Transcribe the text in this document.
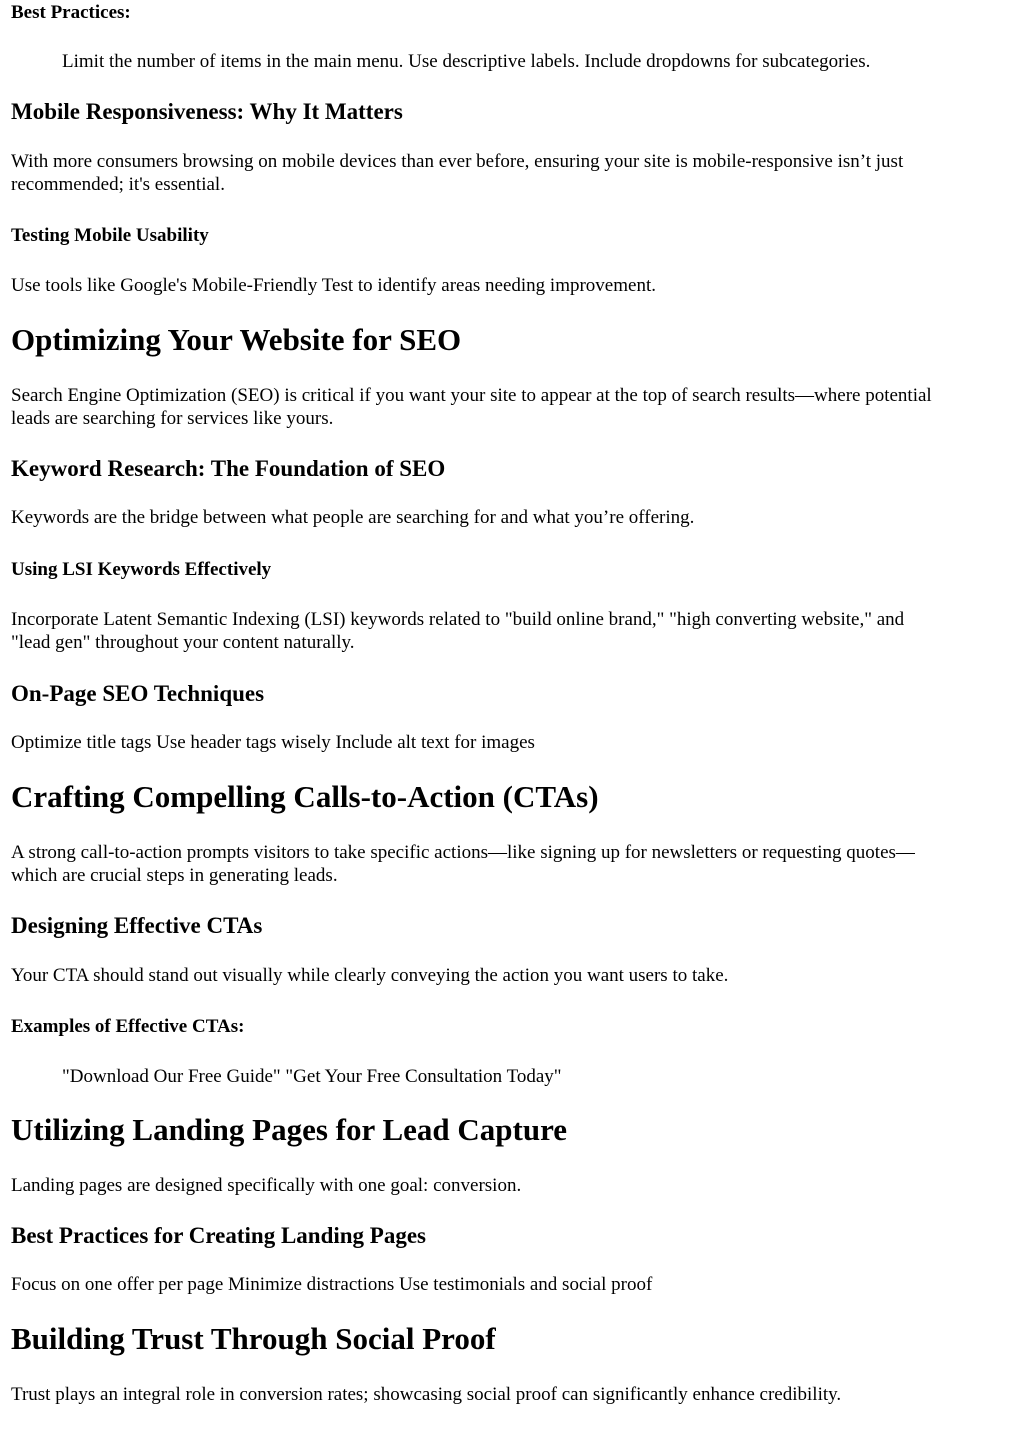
Best Practices:

Limit the number of items in the main menu. Use descriptive labels. Include dropdowns for subcategories.

Mobile Responsiveness: Why It Matters

With more consumers browsing on mobile devices than ever before, ensuring your site is mobile-responsive isn’t just

recommended; it's essential.

Testing Mobile Usability

Use tools like Google's Mobile-Friendly Test to identify areas needing improvement.

Optimizing Your Website for SEO

Search Engine Optimization (SEO) is critical if you want your site to appear at the top of search results—where potential

leads are searching for services like yours.

Keyword Research: The Foundation of SEO

Keywords are the bridge between what people are searching for and what you’re offering.

Using LSI Keywords Effectively

Incorporate Latent Semantic Indexing (LSI) keywords related to "build online brand," "high converting website," and

"lead gen" throughout your content naturally.

On-Page SEO Techniques

Optimize title tags Use header tags wisely Include alt text for images

Crafting Compelling Calls-to-Action (CTAs)

A strong call-to-action prompts visitors to take specific actions—like signing up for newsletters or requesting quotes—

which are crucial steps in generating leads.

Designing Effective CTAs

Your CTA should stand out visually while clearly conveying the action you want users to take.

Examples of Effective CTAs:

"Download Our Free Guide" "Get Your Free Consultation Today"

Utilizing Landing Pages for Lead Capture

Landing pages are designed specifically with one goal: conversion.

Best Practices for Creating Landing Pages

Focus on one offer per page Minimize distractions Use testimonials and social proof

Building Trust Through Social Proof

Trust plays an integral role in conversion rates; showcasing social proof can significantly enhance credibility.
